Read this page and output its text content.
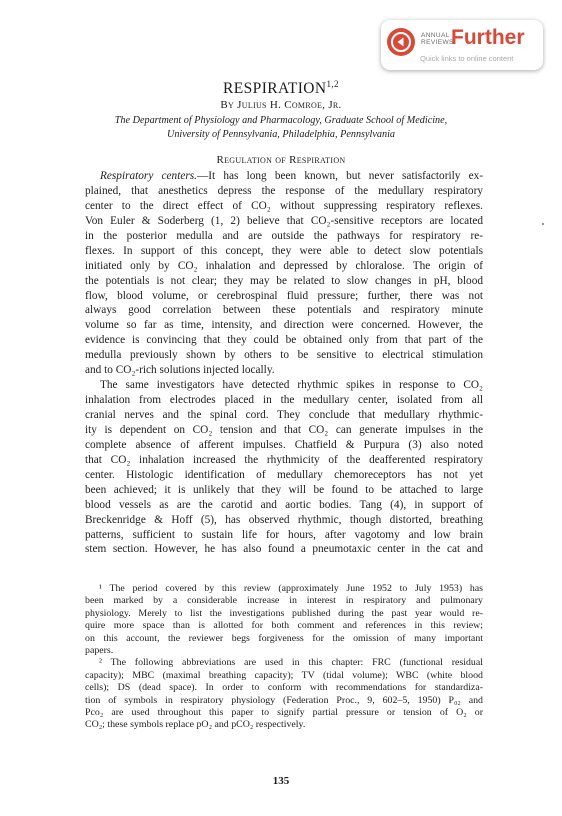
ANNUAL
REVIEWS
Further
Quick links to online content
RESPIRATION$^{1,2}$
By Julius H. Comroe, Jr.
The Department of Physiology and Pharmacology, Graduate School of Medicine,
University of Pennsylvania, Philadelphia, Pennsylvania
Regulation of Respiration
Respiratory centers.—It has long been known, but never satisfactorily ex-
plained, that anesthetics depress the response of the medullary respiratory
center to the direct effect of CO₂ without suppressing respiratory reflexes.
Von Euler & Soderberg (1, 2) believe that CO₂-sensitive receptors are located
in the posterior medulla and are outside the pathways for respiratory re-
flexes. In support of this concept, they were able to detect slow potentials
initiated only by CO₂ inhalation and depressed by chloralose. The origin of
the potentials is not clear; they may be related to slow changes in pH, blood
flow, blood volume, or cerebrospinal fluid pressure; further, there was not
always good correlation between these potentials and respiratory minute
volume so far as time, intensity, and direction were concerned. However, the
evidence is convincing that they could be obtained only from that part of the
medulla previously shown by others to be sensitive to electrical stimulation
and to CO₂-rich solutions injected locally.
The same investigators have detected rhythmic spikes in response to CO₂
inhalation from electrodes placed in the medullary center, isolated from all
cranial nerves and the spinal cord. They conclude that medullary rhythmic-
ity is dependent on CO₂ tension and that CO₂ can generate impulses in the
complete absence of afferent impulses. Chatfield & Purpura (3) also noted
that CO₂ inhalation increased the rhythmicity of the deafferented respiratory
center. Histologic identification of medullary chemoreceptors has not yet
been achieved; it is unlikely that they will be found to be attached to large
blood vessels as are the carotid and aortic bodies. Tang (4), in support of
Breckenridge & Hoff (5), has observed rhythmic, though distorted, breathing
patterns, sufficient to sustain life for hours, after vagotomy and low brain
stem section. However, he has also found a pneumotaxic center in the cat and
¹ The period covered by this review (approximately June 1952 to July 1953) has
been marked by a considerable increase in interest in respiratory and pulmonary
physiology. Merely to list the investigations published during the past year would re-
quire more space than is allotted for both comment and references in this review;
on this account, the reviewer begs forgiveness for the omission of many important
papers.
² The following abbreviations are used in this chapter: FRC (functional residual
capacity); MBC (maximal breathing capacity); TV (tidal volume); WBC (white blood
cells); DS (dead space). In order to conform with recommendations for standardiza-
tion of symbols in respiratory physiology (Federation Proc., 9, 602–5, 1950) P₀₂ and
Pco₂ are used throughout this paper to signify partial pressure or tension of O₂ or
CO₂; these symbols replace pO₂ and pCO₂ respectively.
135
